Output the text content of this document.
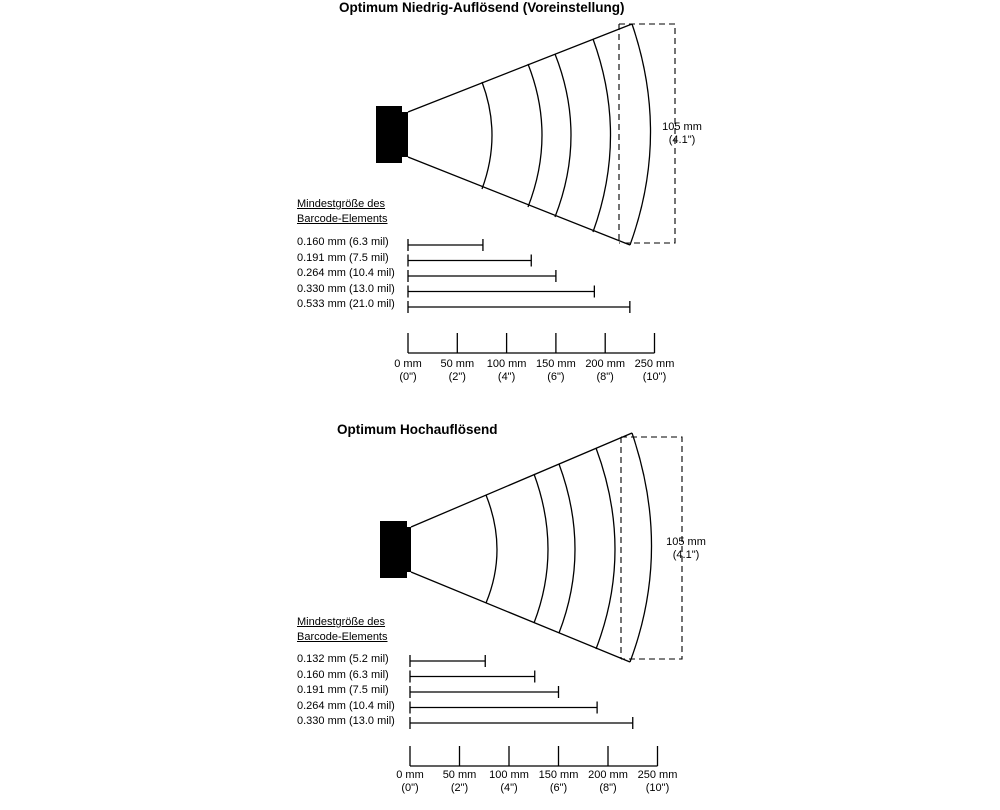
Optimum Niedrig-Auflösend (Voreinstellung)
105 mm
(4.1")
Mindestgröße des
Barcode-Elements
0.160 mm (6.3 mil)
0.191 mm (7.5 mil)
0.264 mm (10.4 mil)
0.330 mm (13.0 mil)
0.533 mm (21.0 mil)
0 mm
(0")
50 mm
(2")
100 mm
(4")
150 mm
(6")
200 mm
(8")
250 mm
(10")
Optimum Hochauflösend
105 mm
(4.1")
Mindestgröße des
Barcode-Elements
0.132 mm (5.2 mil)
0.160 mm (6.3 mil)
0.191 mm (7.5 mil)
0.264 mm (10.4 mil)
0.330 mm (13.0 mil)
0 mm
(0")
50 mm
(2")
100 mm
(4")
150 mm
(6")
200 mm
(8")
250 mm
(10")
